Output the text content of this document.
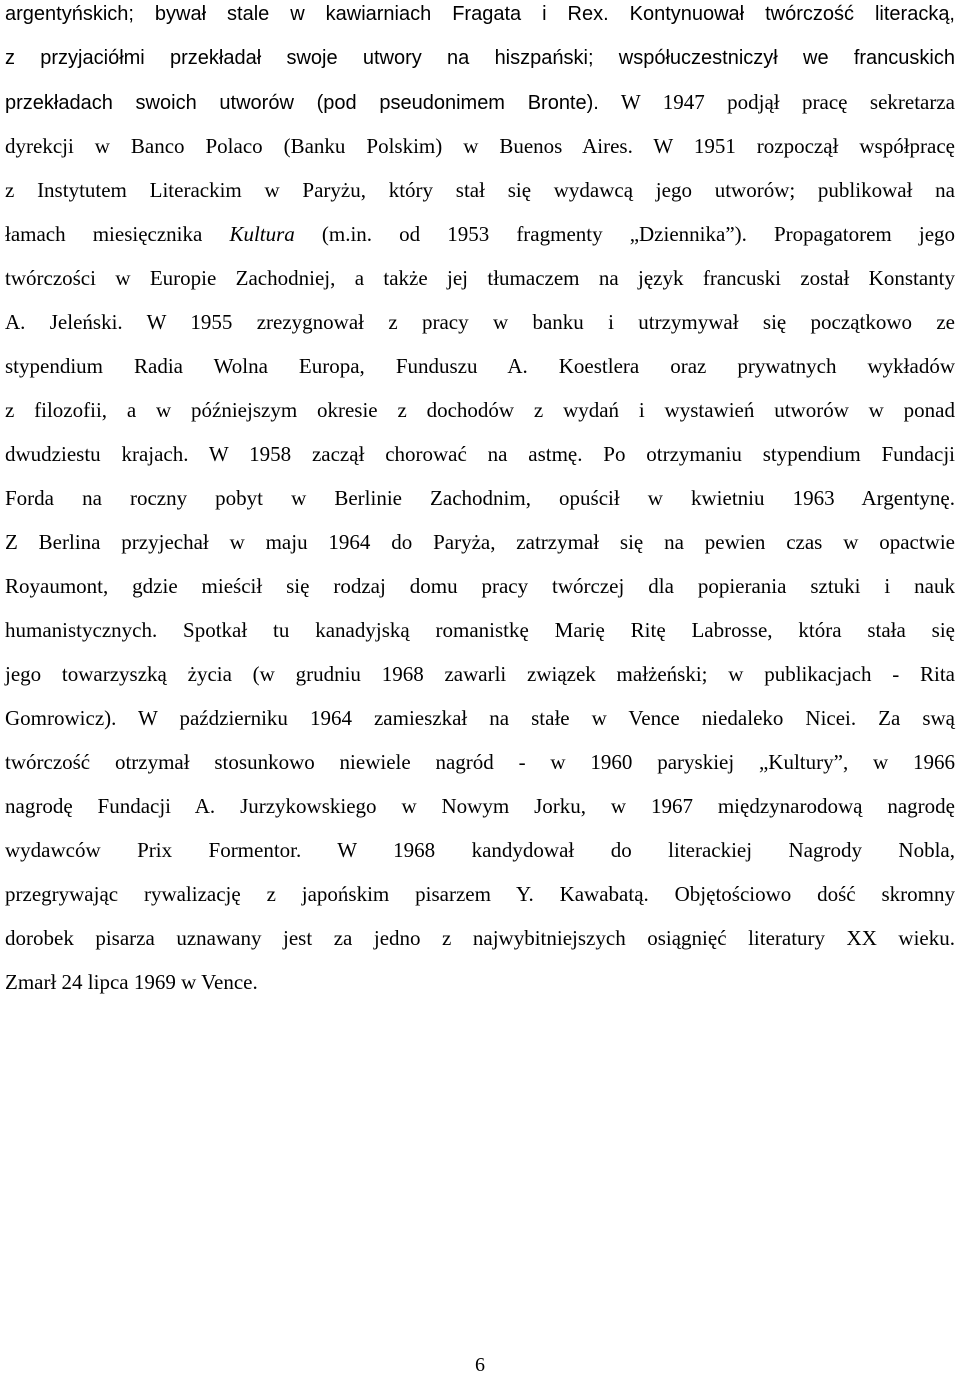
argentyńskich; bywał stale w kawiarniach Fragata i Rex. Kontynuował twórczość literacką,
z przyjaciółmi przekładał swoje utwory na hiszpański; współuczestniczył we francuskich
przekładach swoich utworów (pod pseudonimem Bronte). W 1947 podjął pracę sekretarza
dyrekcji w Banco Polaco (Banku Polskim) w Buenos Aires. W 1951 rozpoczął współpracę
z Instytutem Literackim w Paryżu, który stał się wydawcą jego utworów; publikował na
łamach miesięcznika Kultura (m.in. od 1953 fragmenty „Dziennika”). Propagatorem jego
twórczości w Europie Zachodniej, a także jej tłumaczem na język francuski został Konstanty
A. Jeleński. W 1955 zrezygnował z pracy w banku i utrzymywał się początkowo ze
stypendium Radia Wolna Europa, Funduszu A. Koestlera oraz prywatnych wykładów
z filozofii, a w późniejszym okresie z dochodów z wydań i wystawień utworów w ponad
dwudziestu krajach. W 1958 zaczął chorować na astmę. Po otrzymaniu stypendium Fundacji
Forda na roczny pobyt w Berlinie Zachodnim, opuścił w kwietniu 1963 Argentynę.
Z Berlina przyjechał w maju 1964 do Paryża, zatrzymał się na pewien czas w opactwie
Royaumont, gdzie mieścił się rodzaj domu pracy twórczej dla popierania sztuki i nauk
humanistycznych. Spotkał tu kanadyjską romanistkę Marię Ritę Labrosse, która stała się
jego towarzyszką życia (w grudniu 1968 zawarli związek małżeński; w publikacjach - Rita
Gomrowicz). W październiku 1964 zamieszkał na stałe w Vence niedaleko Nicei. Za swą
twórczość otrzymał stosunkowo niewiele nagród - w 1960 paryskiej „Kultury”, w 1966
nagrodę Fundacji A. Jurzykowskiego w Nowym Jorku, w 1967 międzynarodową nagrodę
wydawców Prix Formentor. W 1968 kandydował do literackiej Nagrody Nobla,
przegrywając rywalizację z japońskim pisarzem Y. Kawabatą. Objętościowo dość skromny
dorobek pisarza uznawany jest za jedno z najwybitniejszych osiągnięć literatury XX wieku.
Zmarł 24 lipca 1969 w Vence.
6
